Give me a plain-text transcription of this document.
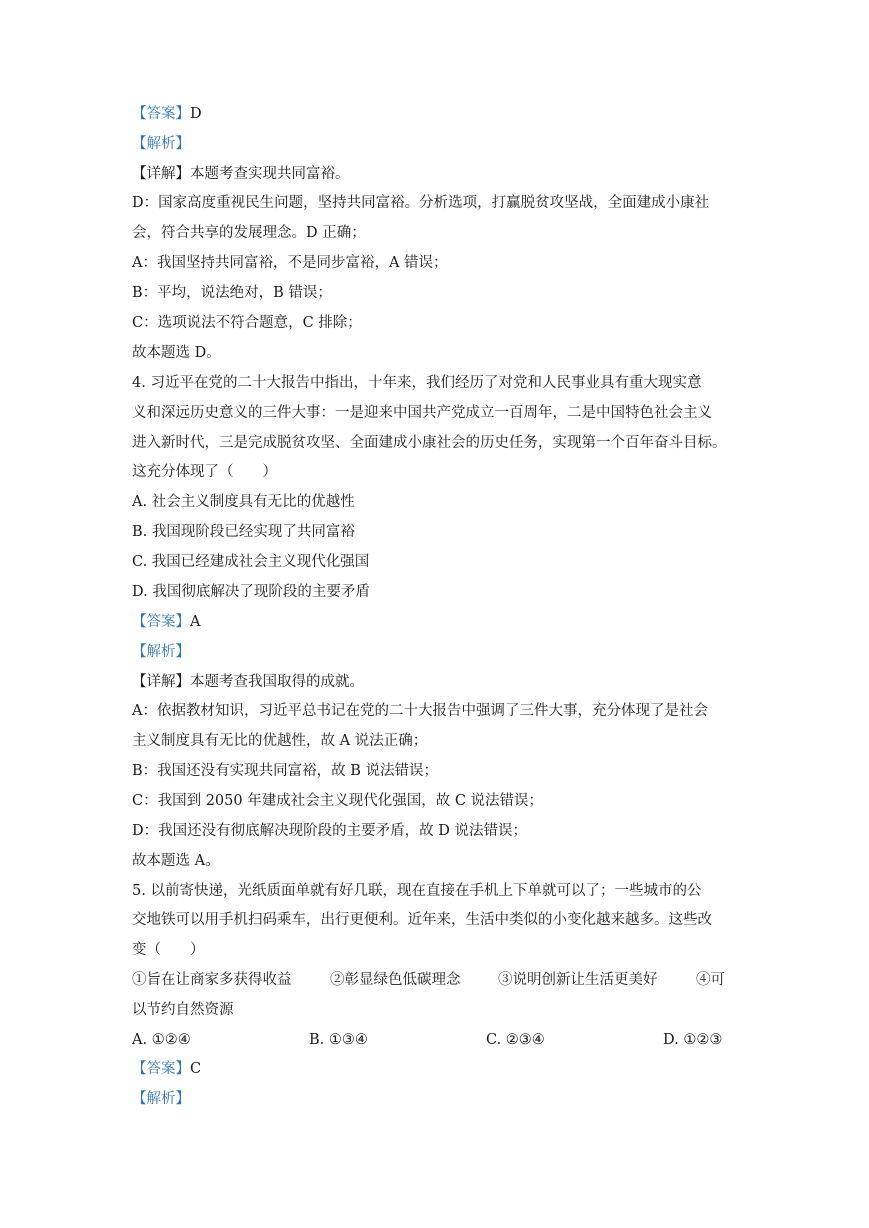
【答案】D
【解析】
【详解】本题考查实现共同富裕。
D：国家高度重视民生问题，坚持共同富裕。分析选项，打赢脱贫攻坚战，全面建成小康社
会，符合共享的发展理念。D 正确；
A：我国坚持共同富裕，不是同步富裕，A 错误；
B：平均，说法绝对，B 错误；
C：选项说法不符合题意，C 排除；
故本题选 D。
4. 习近平在党的二十大报告中指出，十年来，我们经历了对党和人民事业具有重大现实意
义和深远历史意义的三件大事：一是迎来中国共产党成立一百周年，二是中国特色社会主义
进入新时代，三是完成脱贫攻坚、全面建成小康社会的历史任务，实现第一个百年奋斗目标。
这充分体现了（　　）
A. 社会主义制度具有无比的优越性
B. 我国现阶段已经实现了共同富裕
C. 我国已经建成社会主义现代化强国
D. 我国彻底解决了现阶段的主要矛盾
【答案】A
【解析】
【详解】本题考查我国取得的成就。
A：依据教材知识，习近平总书记在党的二十大报告中强调了三件大事，充分体现了是社会
主义制度具有无比的优越性，故 A 说法正确；
B：我国还没有实现共同富裕，故 B 说法错误；
C：我国到 2050 年建成社会主义现代化强国，故 C 说法错误；
D：我国还没有彻底解决现阶段的主要矛盾，故 D 说法错误；
故本题选 A。
5. 以前寄快递，光纸质面单就有好几联，现在直接在手机上下单就可以了；一些城市的公
交地铁可以用手机扫码乘车，出行更便利。近年来，生活中类似的小变化越来越多。这些改
变（　　）
①旨在让商家多获得收益	②彰显绿色低碳理念	③说明创新让生活更美好	④可
以节约自然资源
A. ①②④	B. ①③④	C. ②③④	D. ①②③
【答案】C
【解析】
